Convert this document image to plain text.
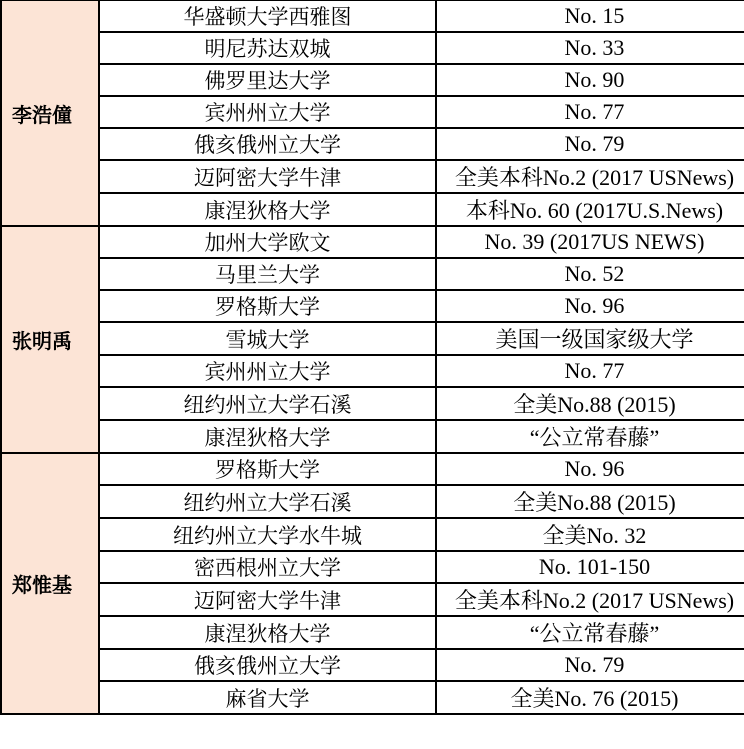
李浩僮	华盛顿大学西雅图	No. 15
	明尼苏达双城	No. 33
	佛罗里达大学	No. 90
	宾州州立大学	No. 77
	俄亥俄州立大学	No. 79
	迈阿密大学牛津	全美本科No.2 (2017 USNews)
	康涅狄格大学	本科No. 60 (2017U.S.News)
张明禹	加州大学欧文	No. 39 (2017US NEWS)
	马里兰大学	No. 52
	罗格斯大学	No. 96
	雪城大学	美国一级国家级大学
	宾州州立大学	No. 77
	纽约州立大学石溪	全美No.88 (2015)
	康涅狄格大学	“公立常春藤”
郑惟基	罗格斯大学	No. 96
	纽约州立大学石溪	全美No.88 (2015)
	纽约州立大学水牛城	全美No. 32
	密西根州立大学	No. 101-150
	迈阿密大学牛津	全美本科No.2 (2017 USNews)
	康涅狄格大学	“公立常春藤”
	俄亥俄州立大学	No. 79
	麻省大学	全美No. 76 (2015)
